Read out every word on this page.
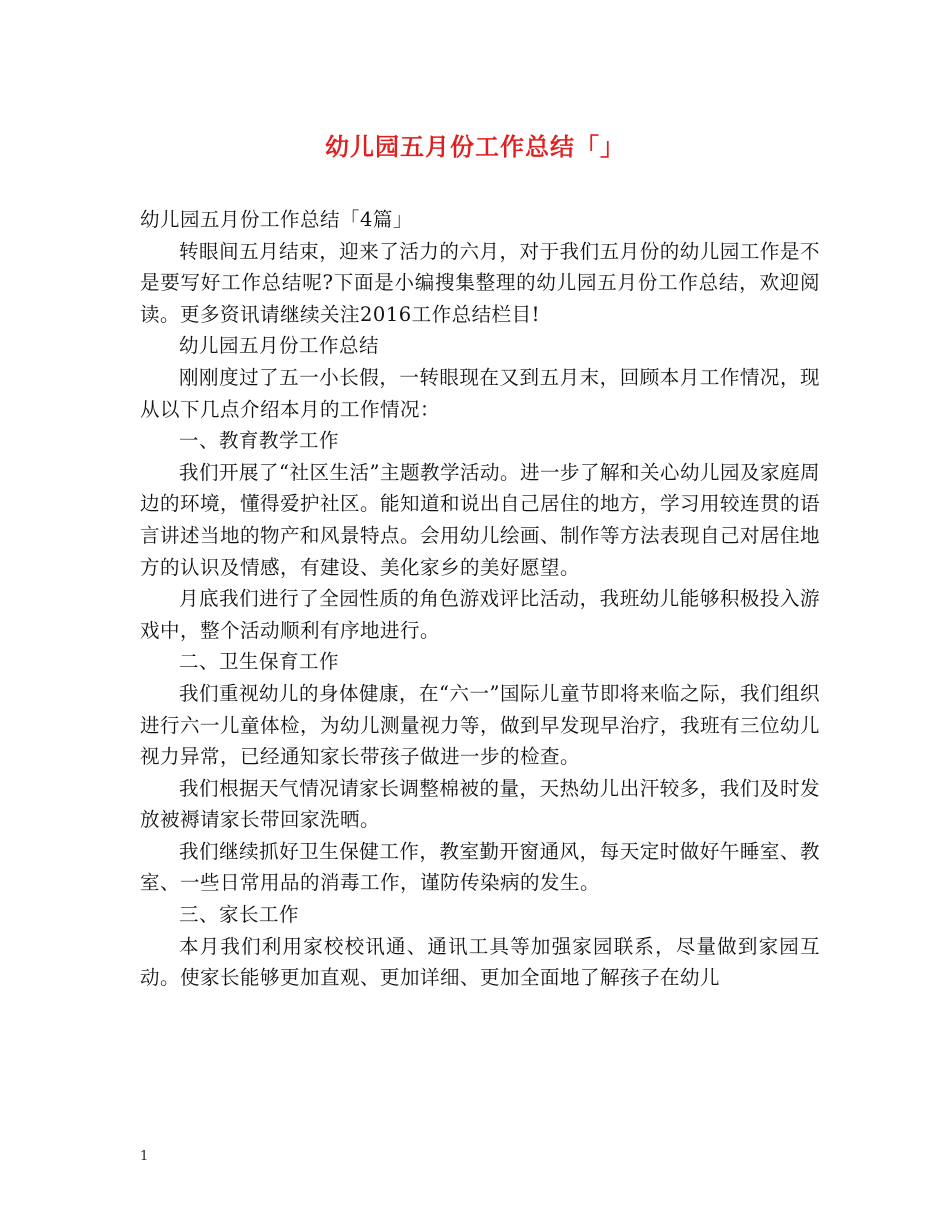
幼儿园五月份工作总结「」

幼儿园五月份工作总结「4篇」

转眼间五月结束，迎来了活力的六月，对于我们五月份的幼儿园工作是不是要写好工作总结呢?下面是小编搜集整理的幼儿园五月份工作总结，欢迎阅读。更多资讯请继续关注2016工作总结栏目!

幼儿园五月份工作总结

刚刚度过了五一小长假，一转眼现在又到五月末，回顾本月工作情况，现从以下几点介绍本月的工作情况：

一、教育教学工作

我们开展了“社区生活”主题教学活动。进一步了解和关心幼儿园及家庭周边的环境，懂得爱护社区。能知道和说出自己居住的地方，学习用较连贯的语言讲述当地的物产和风景特点。会用幼儿绘画、制作等方法表现自己对居住地方的认识及情感，有建设、美化家乡的美好愿望。

月底我们进行了全园性质的角色游戏评比活动，我班幼儿能够积极投入游戏中，整个活动顺利有序地进行。

二、卫生保育工作

我们重视幼儿的身体健康，在“六一”国际儿童节即将来临之际，我们组织进行六一儿童体检，为幼儿测量视力等，做到早发现早治疗，我班有三位幼儿视力异常，已经通知家长带孩子做进一步的检查。

我们根据天气情况请家长调整棉被的量，天热幼儿出汗较多，我们及时发放被褥请家长带回家洗晒。

我们继续抓好卫生保健工作，教室勤开窗通风，每天定时做好午睡室、教室、一些日常用品的消毒工作，谨防传染病的发生。

三、家长工作

本月我们利用家校校讯通、通讯工具等加强家园联系，尽量做到家园互动。使家长能够更加直观、更加详细、更加全面地了解孩子在幼儿

1
